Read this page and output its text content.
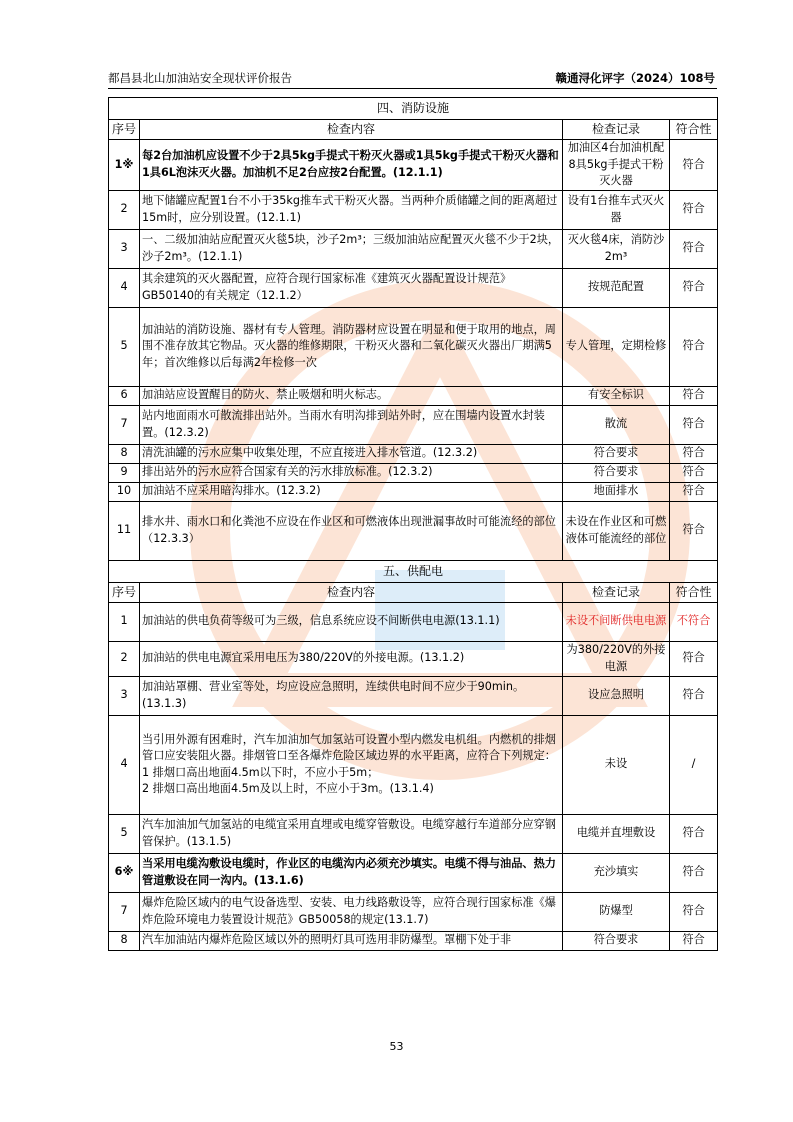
都昌县北山加油站安全现状评价报告	赣通浔化评字（2024）108号
四、消防设施			
序号	检查内容	检查记录	符合性
1※	每2台加油机应设置不少于2具5kg手提式干粉灭火器或1具5kg手提式干粉灭火器和1具6L泡沫灭火器。加油机不足2台应按2台配置。(12.1.1)	加油区4台加油机配8具5kg手提式干粉灭火器	符合
2	地下储罐应配置1台不小于35kg推车式干粉灭火器。当两种介质储罐之间的距离超过15m时，应分别设置。(12.1.1)	设有1台推车式灭火器	符合
3	一、二级加油站应配置灭火毯5块，沙子2m³；三级加油站应配置灭火毯不少于2块，沙子2m³。(12.1.1)	灭火毯4床，消防沙2m³	符合
4	其余建筑的灭火器配置，应符合现行国家标准《建筑灭火器配置设计规范》GB50140的有关规定（12.1.2）	按规范配置	符合
5	加油站的消防设施、器材有专人管理。消防器材应设置在明显和便于取用的地点，周围不准存放其它物品。灭火器的维修期限，干粉灭火器和二氧化碳灭火器出厂期满5年；首次维修以后每满2年检修一次	专人管理，定期检修	符合
6	加油站应设置醒目的防火、禁止吸烟和明火标志。	有安全标识	符合
7	站内地面雨水可散流排出站外。当雨水有明沟排到站外时，应在围墙内设置水封装置。(12.3.2)	散流	符合
8	清洗油罐的污水应集中收集处理，不应直接进入排水管道。(12.3.2)	符合要求	符合
9	排出站外的污水应符合国家有关的污水排放标准。(12.3.2)	符合要求	符合
10	加油站不应采用暗沟排水。(12.3.2)	地面排水	符合
11	排水井、雨水口和化粪池不应设在作业区和可燃液体出现泄漏事故时可能流经的部位（12.3.3）	未设在作业区和可燃液体可能流经的部位	符合
五、供配电			
序号	检查内容	检查记录	符合性
1	加油站的供电负荷等级可为三级，信息系统应设不间断供电电源(13.1.1)	未设不间断供电电源	不符合
2	加油站的供电电源宜采用电压为380/220V的外接电源。(13.1.2)	为380/220V的外接电源	符合
3	加油站罩棚、营业室等处，均应设应急照明，连续供电时间不应少于90min。(13.1.3)	设应急照明	符合
4	当引用外源有困难时，汽车加油加气加氢站可设置小型内燃发电机组。内燃机的排烟管口应安装阻火器。排烟管口至各爆炸危险区域边界的水平距离，应符合下列规定：
1 排烟口高出地面4.5m以下时，不应小于5m；
2 排烟口高出地面4.5m及以上时，不应小于3m。(13.1.4)	未设	/
5	汽车加油加气加氢站的电缆宜采用直埋或电缆穿管敷设。电缆穿越行车道部分应穿钢管保护。(13.1.5)	电缆并直埋敷设	符合
6※	当采用电缆沟敷设电缆时，作业区的电缆沟内必须充沙填实。电缆不得与油品、热力管道敷设在同一沟内。(13.1.6)	充沙填实	符合
7	爆炸危险区域内的电气设备选型、安装、电力线路敷设等，应符合现行国家标准《爆炸危险环境电力装置设计规范》GB50058的规定(13.1.7)	防爆型	符合
8	汽车加油站内爆炸危险区域以外的照明灯具可选用非防爆型。罩棚下处于非	符合要求	符合
53
